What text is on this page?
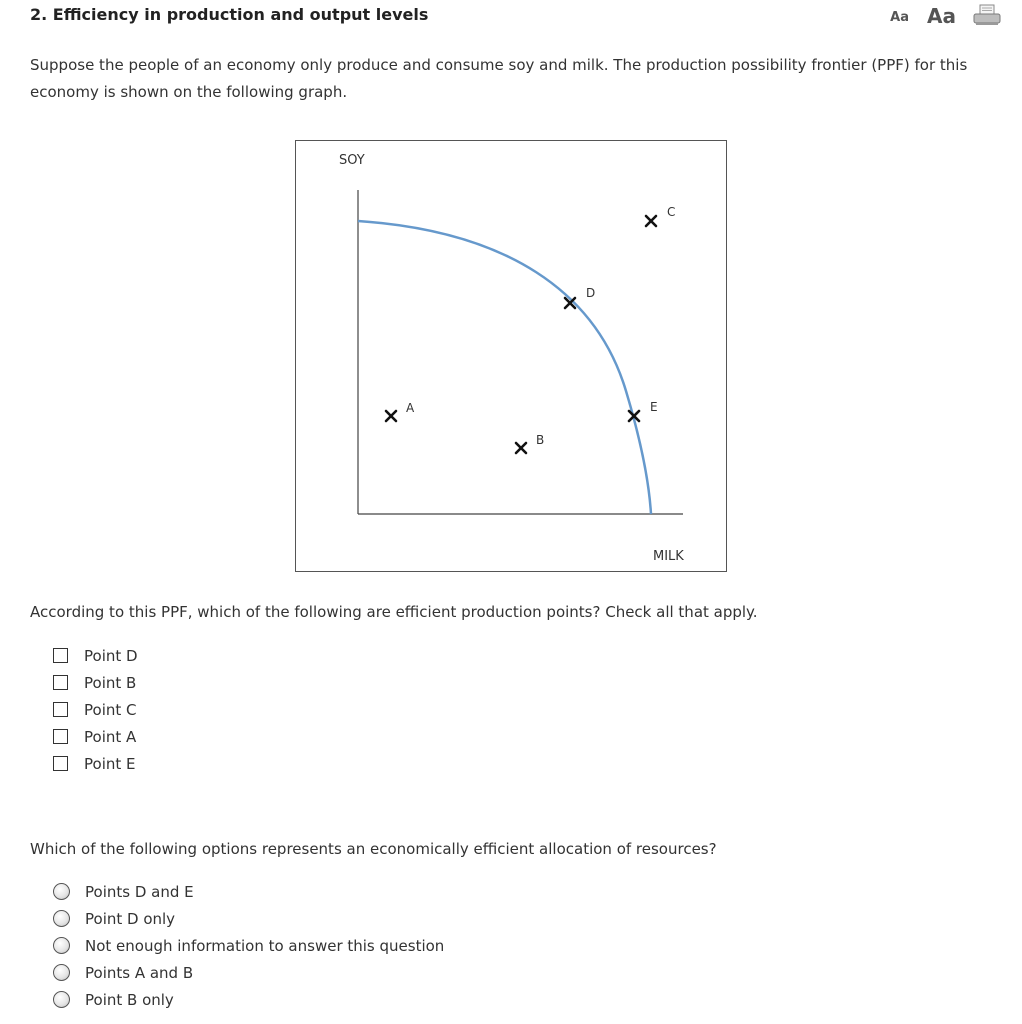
2. Efficiency in production and output levels	Aa Aa
Suppose the people of an economy only produce and consume soy and milk. The production possibility frontier (PPF) for this economy is shown on the following graph.
SOY
MILK
A
B
C
D
E
According to this PPF, which of the following are efficient production points? Check all that apply.
Point D
Point B
Point C
Point A
Point E
Which of the following options represents an economically efficient allocation of resources?
Points D and E
Point D only
Not enough information to answer this question
Points A and B
Point B only
